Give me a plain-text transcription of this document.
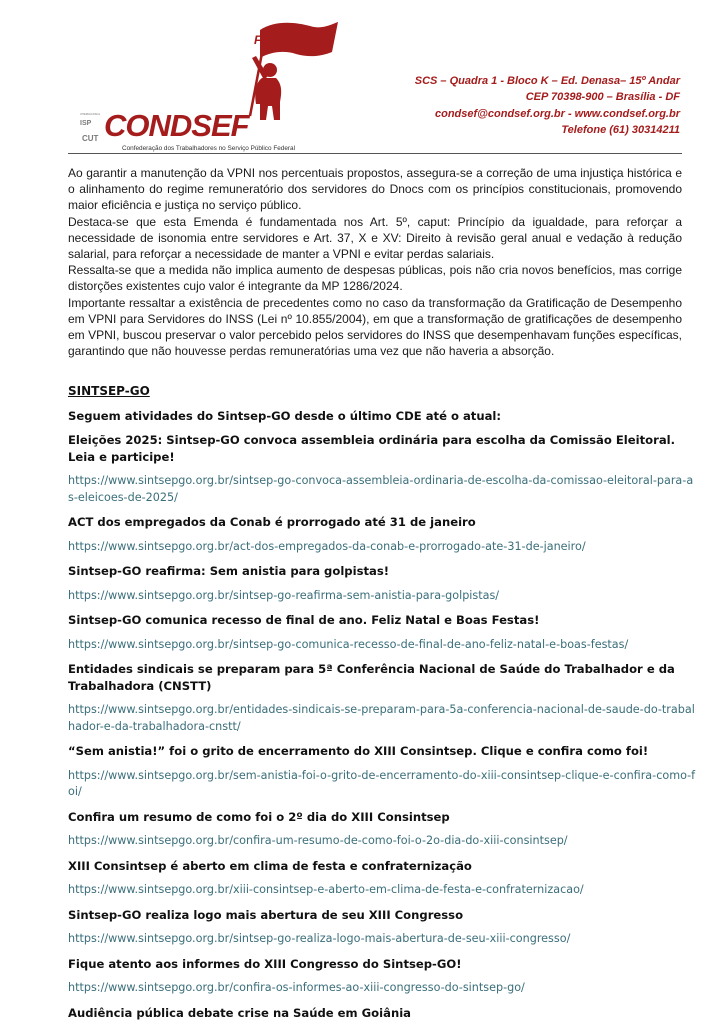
Fenadsef
INTERNACIONAL
ISP
CUT CONDSEF
Confederação dos Trabalhadores no Serviço Público Federal
SCS – Quadra 1 - Bloco K – Ed. Denasa– 15º Andar
CEP 70398-900 – Brasília - DF
condsef@condsef.org.br - www.condsef.org.br
Telefone (61) 30314211

Ao garantir a manutenção da VPNI nos percentuais propostos, assegura-se a correção de uma injustiça histórica e o alinhamento do regime remuneratório dos servidores do Dnocs com os princípios constitucionais, promovendo maior eficiência e justiça no serviço público.

Destaca-se que esta Emenda é fundamentada nos Art. 5º, caput: Princípio da igualdade, para reforçar a necessidade de isonomia entre servidores e Art. 37, X e XV: Direito à revisão geral anual e vedação à redução salarial, para reforçar a necessidade de manter a VPNI e evitar perdas salariais.

Ressalta-se que a medida não implica aumento de despesas públicas, pois não cria novos benefícios, mas corrige distorções existentes cujo valor é integrante da MP 1286/2024.

Importante ressaltar a existência de precedentes como no caso da transformação da Gratificação de Desempenho em VPNI para Servidores do INSS (Lei nº 10.855/2004), em que a transformação de gratificações de desempenho em VPNI, buscou preservar o valor percebido pelos servidores do INSS que desempenhavam funções específicas, garantindo que não houvesse perdas remuneratórias uma vez que não haveria a absorção.

SINTSEP-GO
Seguem atividades do Sintsep-GO desde o último CDE até o atual:
Eleições 2025: Sintsep-GO convoca assembleia ordinária para escolha da Comissão Eleitoral. Leia e participe!
https://www.sintsepgo.org.br/sintsep-go-convoca-assembleia-ordinaria-de-escolha-da-comissao-eleitoral-para-as-eleicoes-de-2025/
ACT dos empregados da Conab é prorrogado até 31 de janeiro
https://www.sintsepgo.org.br/act-dos-empregados-da-conab-e-prorrogado-ate-31-de-janeiro/
Sintsep-GO reafirma: Sem anistia para golpistas!
https://www.sintsepgo.org.br/sintsep-go-reafirma-sem-anistia-para-golpistas/
Sintsep-GO comunica recesso de final de ano. Feliz Natal e Boas Festas!
https://www.sintsepgo.org.br/sintsep-go-comunica-recesso-de-final-de-ano-feliz-natal-e-boas-festas/
Entidades sindicais se preparam para 5ª Conferência Nacional de Saúde do Trabalhador e da Trabalhadora (CNSTT)
https://www.sintsepgo.org.br/entidades-sindicais-se-preparam-para-5a-conferencia-nacional-de-saude-do-trabalhador-e-da-trabalhadora-cnstt/
“Sem anistia!” foi o grito de encerramento do XIII Consintsep. Clique e confira como foi!
https://www.sintsepgo.org.br/sem-anistia-foi-o-grito-de-encerramento-do-xiii-consintsep-clique-e-confira-como-foi/
Confira um resumo de como foi o 2º dia do XIII Consintsep
https://www.sintsepgo.org.br/confira-um-resumo-de-como-foi-o-2o-dia-do-xiii-consintsep/
XIII Consintsep é aberto em clima de festa e confraternização
https://www.sintsepgo.org.br/xiii-consintsep-e-aberto-em-clima-de-festa-e-confraternizacao/
Sintsep-GO realiza logo mais abertura de seu XIII Congresso
https://www.sintsepgo.org.br/sintsep-go-realiza-logo-mais-abertura-de-seu-xiii-congresso/
Fique atento aos informes do XIII Congresso do Sintsep-GO!
https://www.sintsepgo.org.br/confira-os-informes-ao-xiii-congresso-do-sintsep-go/
Audiência pública debate crise na Saúde em Goiânia
